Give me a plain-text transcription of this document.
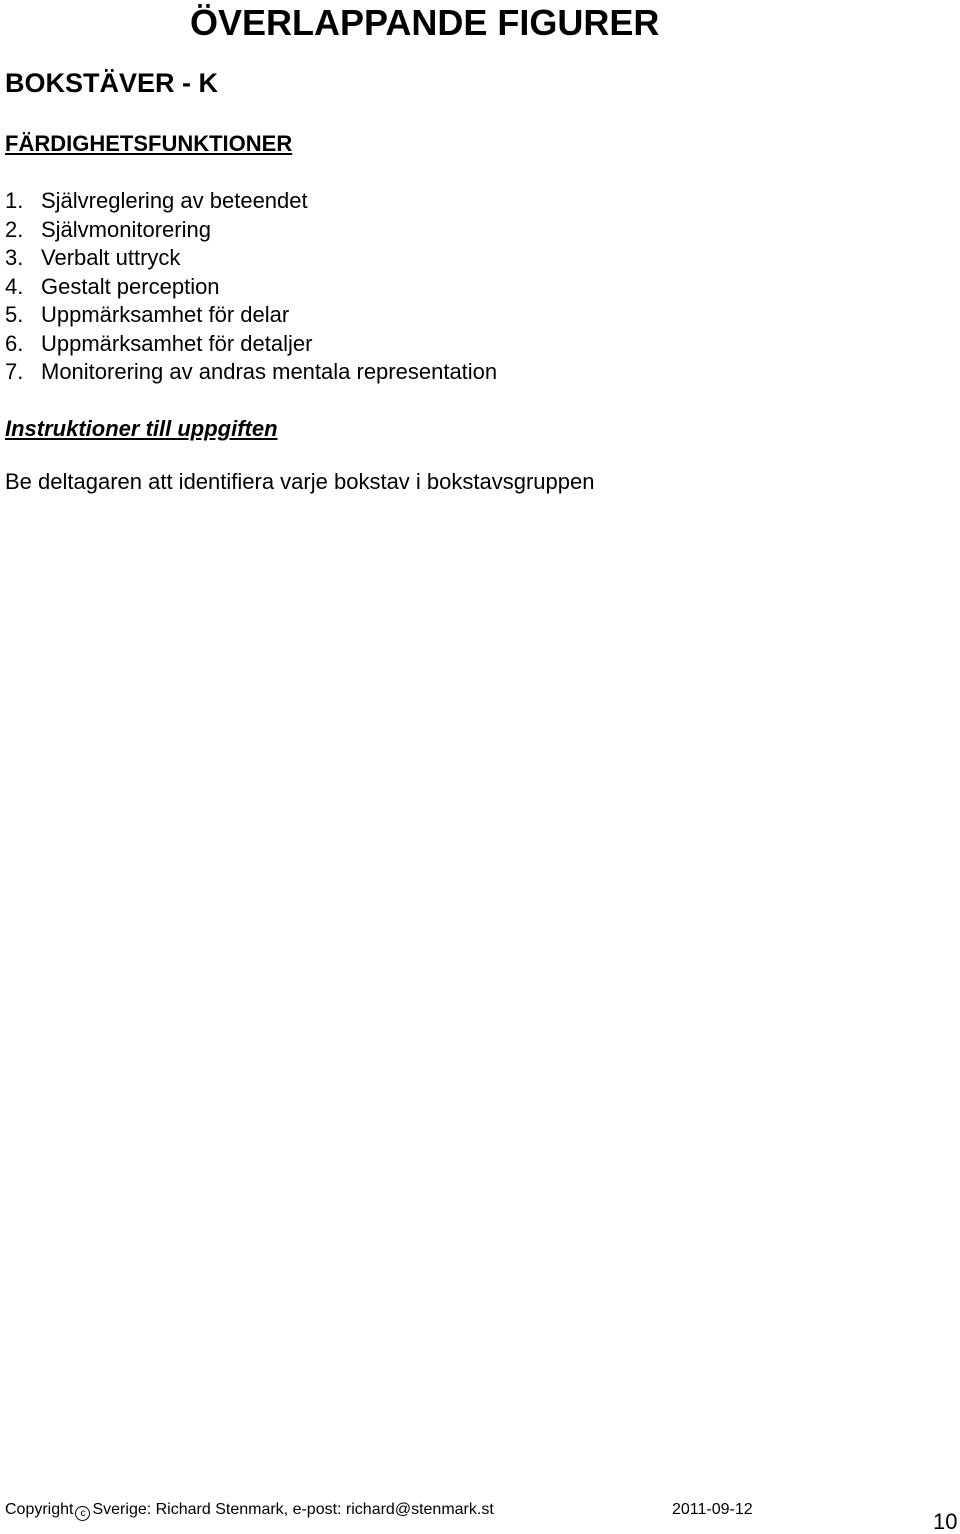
ÖVERLAPPANDE FIGURER
BOKSTÄVER - K
FÄRDIGHETSFUNKTIONER
1. Självreglering av beteendet
2. Självmonitorering
3. Verbalt uttryck
4. Gestalt perception
5. Uppmärksamhet för delar
6. Uppmärksamhet för detaljer
7. Monitorering av andras mentala representation
Instruktioner till uppgiften
Be deltagaren att identifiera varje bokstav i bokstavsgruppen
Copyright c Sverige: Richard Stenmark, e-post: richard@stenmark.st	2011-09-12	10
